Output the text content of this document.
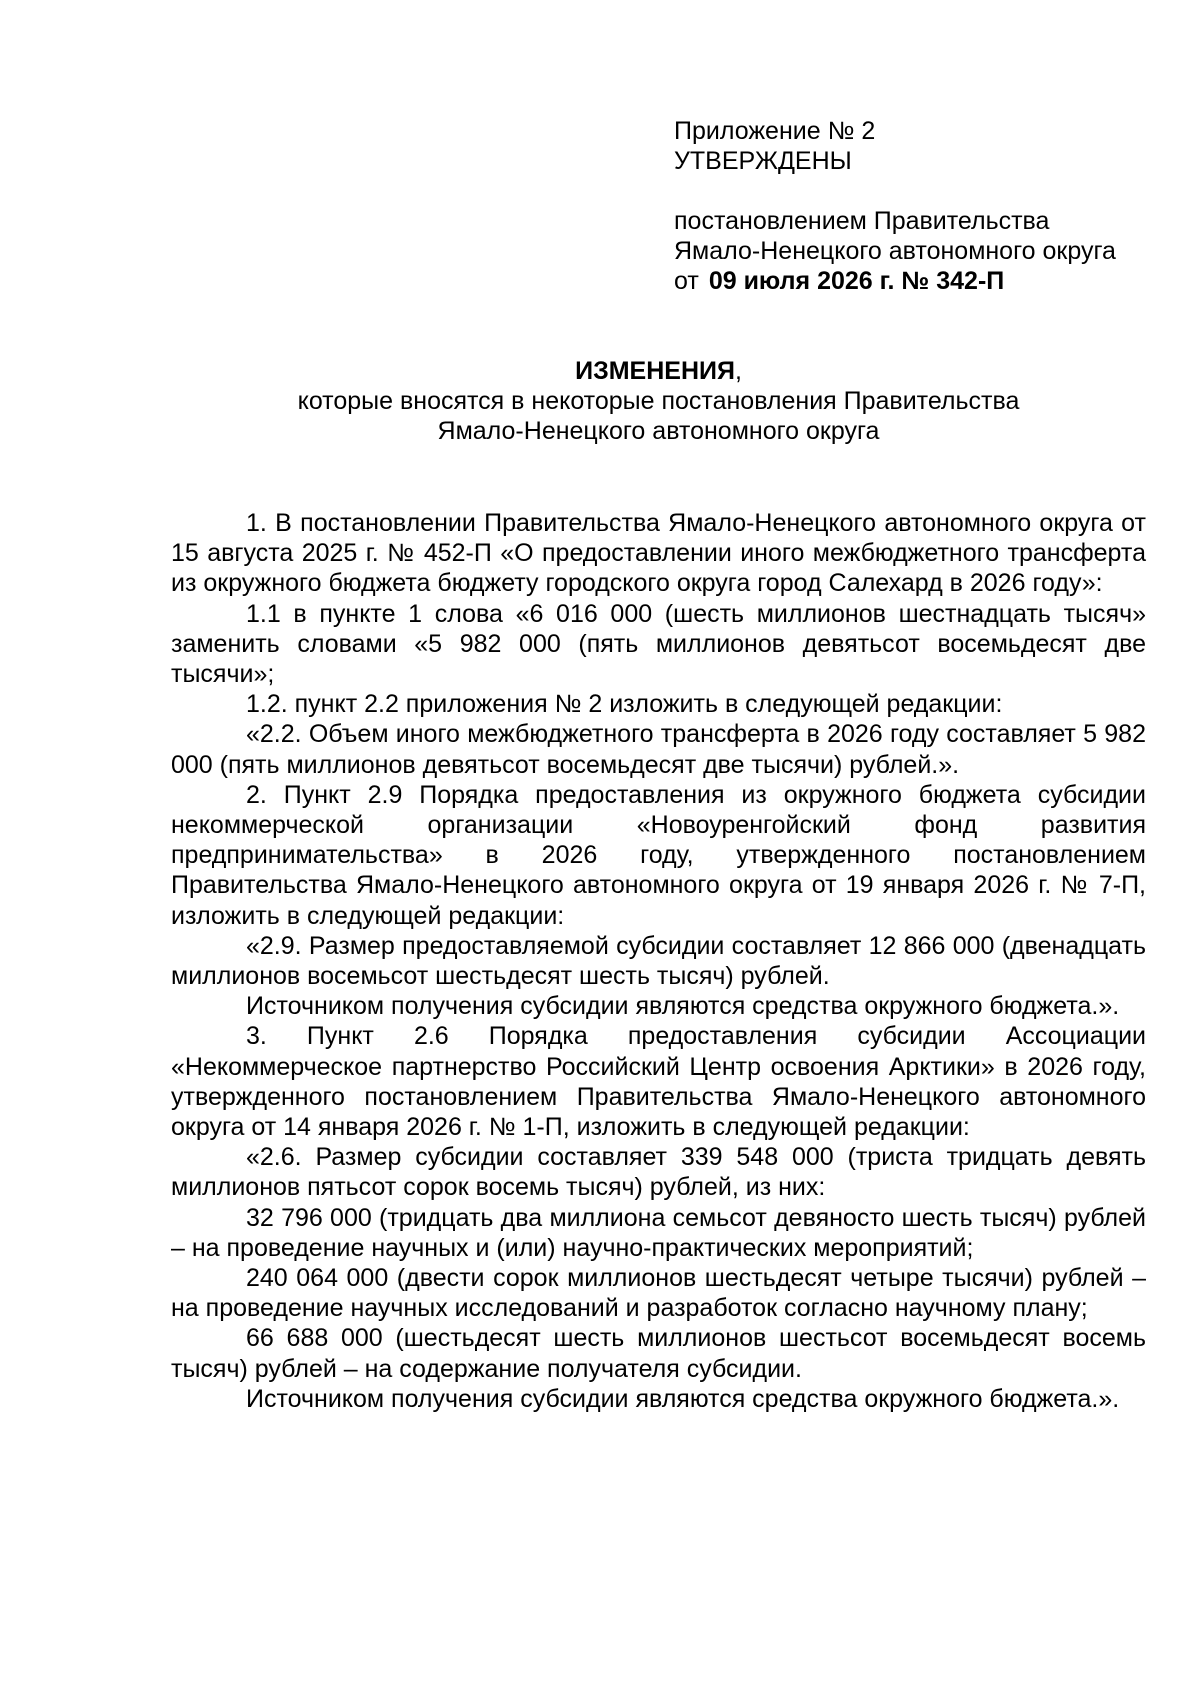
Приложение № 2
УТВЕРЖДЕНЫ
постановлением Правительства
Ямало-Ненецкого автономного округа
от 09 июля 2026 г. № 342-П
ИЗМЕНЕНИЯ,
которые вносятся в некоторые постановления Правительства
Ямало-Ненецкого автономного округа

1. В постановлении Правительства Ямало-Ненецкого автономного округа от 15 августа 2025 г. № 452-П «О предоставлении иного межбюджетного трансферта из окружного бюджета бюджету городского округа город Салехард в 2026 году»:

1.1 в пункте 1 слова «6 016 000 (шесть миллионов шестнадцать тысяч» заменить словами «5 982 000 (пять миллионов девятьсот восемьдесят две тысячи»;

1.2. пункт 2.2 приложения № 2 изложить в следующей редакции:

«2.2. Объем иного межбюджетного трансферта в 2026 году составляет 5 982 000 (пять миллионов девятьсот восемьдесят две тысячи) рублей.».

2. Пункт 2.9 Порядка предоставления из окружного бюджета субсидии некоммерческой организации «Новоуренгойский фонд развития предпринимательства» в 2026 году, утвержденного постановлением Правительства Ямало-Ненецкого автономного округа от 19 января 2026 г. № 7-П, изложить в следующей редакции:

«2.9. Размер предоставляемой субсидии составляет 12 866 000 (двенадцать миллионов восемьсот шестьдесят шесть тысяч) рублей.

Источником получения субсидии являются средства окружного бюджета.».

3. Пункт 2.6 Порядка предоставления субсидии Ассоциации «Некоммерческое партнерство Российский Центр освоения Арктики» в 2026 году, утвержденного постановлением Правительства Ямало-Ненецкого автономного округа от 14 января 2026 г. № 1-П, изложить в следующей редакции:

«2.6. Размер субсидии составляет 339 548 000 (триста тридцать девять миллионов пятьсот сорок восемь тысяч) рублей, из них:

32 796 000 (тридцать два миллиона семьсот девяносто шесть тысяч) рублей – на проведение научных и (или) научно-практических мероприятий;

240 064 000 (двести сорок миллионов шестьдесят четыре тысячи) рублей – на проведение научных исследований и разработок согласно научному плану;

66 688 000 (шестьдесят шесть миллионов шестьсот восемьдесят восемь тысяч) рублей – на содержание получателя субсидии.

Источником получения субсидии являются средства окружного бюджета.».
